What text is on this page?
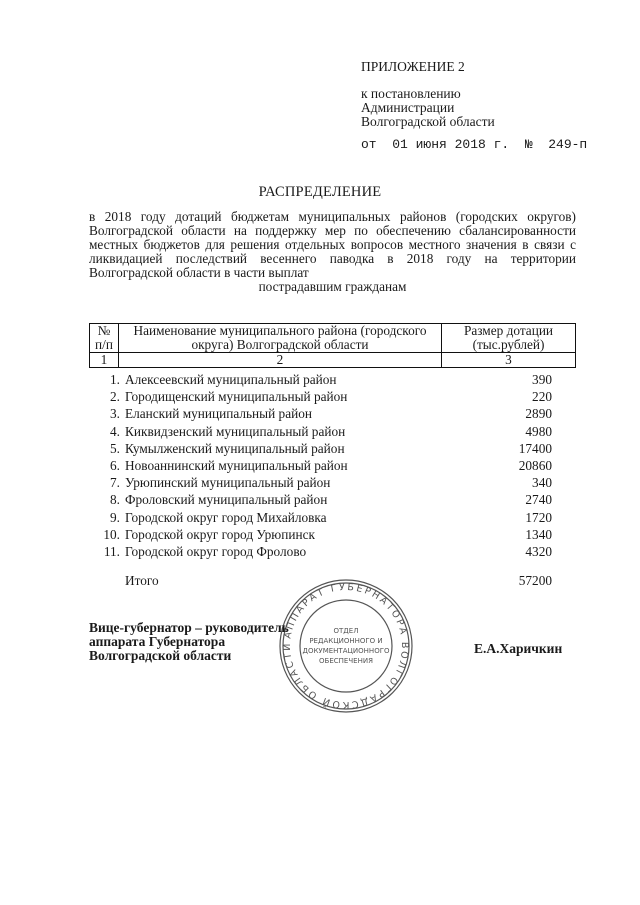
ПРИЛОЖЕНИЕ 2
к постановлению
Администрации
Волгоградской области
от  01 июня 2018 г.  №  249-п
РАСПРЕДЕЛЕНИЕ
в 2018 году дотаций бюджетам муниципальных районов (городских округов) Волгоградской области на поддержку мер по обеспечению сбалансированности местных бюджетов для решения отдельных вопросов местного значения в связи с ликвидацией последствий весеннего паводка в 2018 году на территории Волгоградской области в части выплат
пострадавшим гражданам
№ п/п	Наименование муниципального района (городского округа) Волгоградской области	Размер дотации (тыс.рублей)
1	2	3
1. Алексеевский муниципальный район	390
2. Городищенский муниципальный район	220
3. Еланский муниципальный район	2890
4. Киквидзенский муниципальный район	4980
5. Кумылженский муниципальный район	17400
6. Новоаннинский муниципальный район	20860
7. Урюпинский муниципальный район	340
8. Фроловский муниципальный район	2740
9. Городской округ город Михайловка	1720
10. Городской округ город Урюпинск	1340
11. Городской округ город Фролово	4320
Итого	57200
АППАРАТ ГУБЕРНАТОРА ВОЛГОГРАДСКОЙ ОБЛАСТИ
ОТДЕЛ
РЕДАКЦИОННОГО И
ДОКУМЕНТАЦИОННОГО
ОБЕСПЕЧЕНИЯ
Вице-губернатор – руководитель
аппарата Губернатора
Волгоградской области	Е.А.Харичкин
